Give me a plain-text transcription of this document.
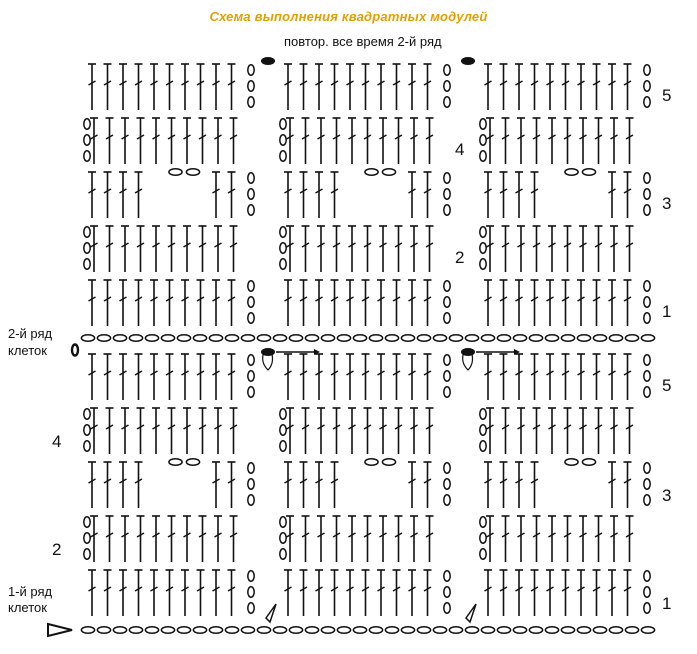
Схема выполнения квадратных модулей
повтор. все время 2-й ряд
2-й ряд
клеток
1-й ряд
клеток
5
3
1
4
2
5
3
1
4
2
